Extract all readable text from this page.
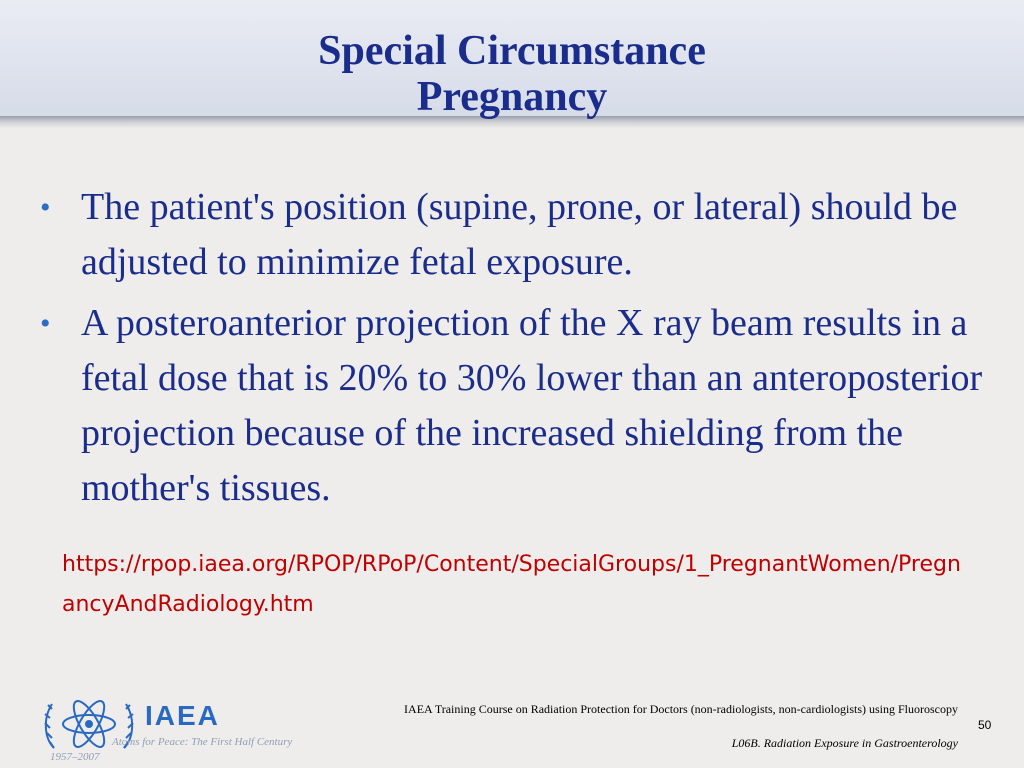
Special Circumstance
Pregnancy
• The patient's position (supine, prone, or lateral) should be adjusted to minimize fetal exposure.
• A posteroanterior projection of the X ray beam results in a fetal dose that is 20% to 30% lower than an anteroposterior projection because of the increased shielding from the mother's tissues.
https://rpop.iaea.org/RPOP/RPoP/Content/SpecialGroups/1_PregnantWomen/PregnancyAndRadiology.htm
IAEA
Atoms for Peace: The First Half Century
1957–2007
IAEA Training Course on Radiation Protection for Doctors (non-radiologists, non-cardiologists) using Fluoroscopy
L06B. Radiation Exposure in Gastroenterology
50
